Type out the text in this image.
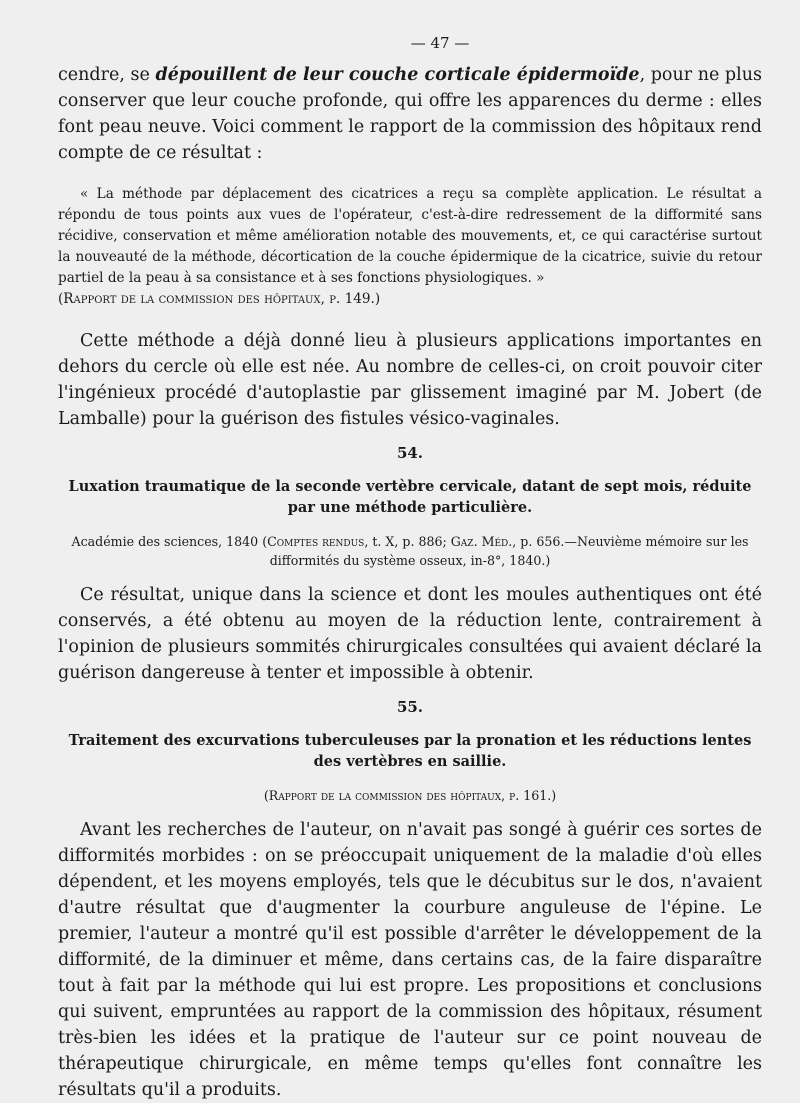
— 47 —

cendre, se dépouillent de leur couche corticale épidermoïde, pour ne plus conserver que leur couche profonde, qui offre les apparences du derme : elles font peau neuve. Voici comment le rapport de la commission des hôpitaux rend compte de ce résultat :

« La méthode par déplacement des cicatrices a reçu sa complète application. Le résultat a répondu de tous points aux vues de l'opérateur, c'est-à-dire redressement de la difformité sans récidive, conservation et même amélioration notable des mouvements, et, ce qui caractérise surtout la nouveauté de la méthode, décortication de la couche épidermique de la cicatrice, suivie du retour partiel de la peau à sa consistance et à ses fonctions physiologiques. »
(Rapport de la commission des hôpitaux, p. 149.)

Cette méthode a déjà donné lieu à plusieurs applications importantes en dehors du cercle où elle est née. Au nombre de celles-ci, on croit pouvoir citer l'ingénieux procédé d'autoplastie par glissement imaginé par M. Jobert (de Lamballe) pour la guérison des fistules vésico-vaginales.

54.
Luxation traumatique de la seconde vertèbre cervicale, datant de sept mois, réduite par une méthode particulière.
Académie des sciences, 1840 (Comptes rendus, t. X, p. 886; Gaz. Méd., p. 656.—Neuvième mémoire sur les difformités du système osseux, in-8°, 1840.)

Ce résultat, unique dans la science et dont les moules authentiques ont été conservés, a été obtenu au moyen de la réduction lente, contrairement à l'opinion de plusieurs sommités chirurgicales consultées qui avaient déclaré la guérison dangereuse à tenter et impossible à obtenir.

55.
Traitement des excurvations tuberculeuses par la pronation et les réductions lentes des vertèbres en saillie.
(Rapport de la commission des hôpitaux, p. 161.)

Avant les recherches de l'auteur, on n'avait pas songé à guérir ces sortes de difformités morbides : on se préoccupait uniquement de la maladie d'où elles dépendent, et les moyens employés, tels que le décubitus sur le dos, n'avaient d'autre résultat que d'augmenter la courbure anguleuse de l'épine. Le premier, l'auteur a montré qu'il est possible d'arrêter le développement de la difformité, de la diminuer et même, dans certains cas, de la faire disparaître tout à fait par la méthode qui lui est propre. Les propositions et conclusions qui suivent, empruntées au rapport de la commission des hôpitaux, résument très-bien les idées et la pratique de l'auteur sur ce point nouveau de thérapeutique chirurgicale, en même temps qu'elles font connaître les résultats qu'il a produits.
